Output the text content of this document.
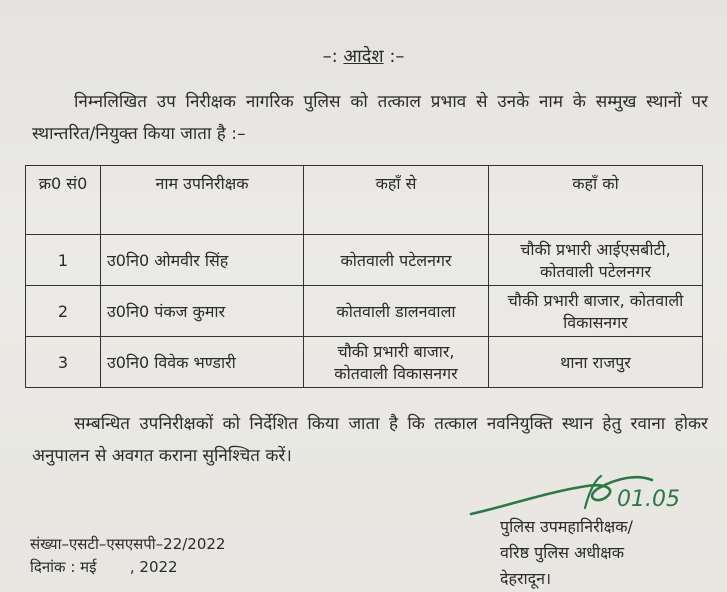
–: आदेश :–
निम्नलिखित उप निरीक्षक नागरिक पुलिस को तत्काल प्रभाव से उनके नाम के सम्मुख स्थानों पर स्थान्तरित/नियुक्त किया जाता है :–
क्र0 सं0	नाम उपनिरीक्षक	कहाँ से	कहाँ को
1	उ0नि0 ओमवीर सिंह	कोतवाली पटेलनगर	चौकी प्रभारी आईएसबीटी, कोतवाली पटेलनगर
2	उ0नि0 पंकज कुमार	कोतवाली डालनवाला	चौकी प्रभारी बाजार, कोतवाली विकासनगर
3	उ0नि0 विवेक भण्डारी	चौकी प्रभारी बाजार, कोतवाली विकासनगर	थाना राजपुर
सम्बन्धित उपनिरीक्षकों को निर्देशित किया जाता है कि तत्काल नवनियुक्ति स्थान हेतु रवाना होकर अनुपालन से अवगत कराना सुनिश्चित करें।
01.05
पुलिस उपमहानिरीक्षक/
वरिष्ठ पुलिस अधीक्षक
देहरादून।
संख्या–एसटी–एसएसपी–22/2022
दिनांक : मई       , 2022
